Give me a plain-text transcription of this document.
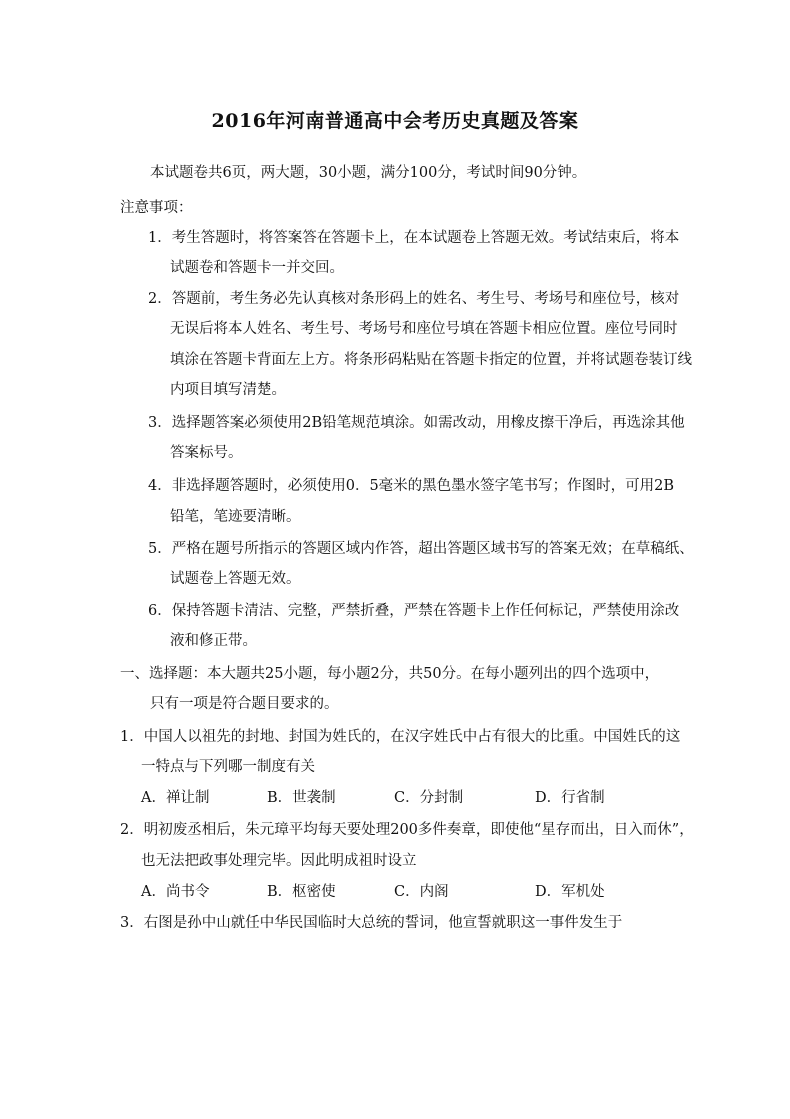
2016年河南普通高中会考历史真题及答案
本试题卷共6页，两大题，30小题，满分100分，考试时间90分钟。
注意事项：
1．考生答题时，将答案答在答题卡上，在本试题卷上答题无效。考试结束后，将本
试题卷和答题卡一并交回。
2．答题前，考生务必先认真核对条形码上的姓名、考生号、考场号和座位号，核对
无误后将本人姓名、考生号、考场号和座位号填在答题卡相应位置。座位号同时
填涂在答题卡背面左上方。将条形码粘贴在答题卡指定的位置，并将试题卷装订线
内项目填写清楚。
3．选择题答案必须使用2B铅笔规范填涂。如需改动，用橡皮擦干净后，再选涂其他
答案标号。
4．非选择题答题时，必须使用0．5毫米的黑色墨水签字笔书写；作图时，可用2B
铅笔，笔迹要清晰。
5．严格在题号所指示的答题区域内作答，超出答题区域书写的答案无效；在草稿纸、
试题卷上答题无效。
6．保持答题卡清洁、完整，严禁折叠，严禁在答题卡上作任何标记，严禁使用涂改
液和修正带。
一、选择题：本大题共25小题，每小题2分，共50分。在每小题列出的四个选项中，
只有一项是符合题目要求的。
1．中国人以祖先的封地、封国为姓氏的，在汉字姓氏中占有很大的比重。中国姓氏的这
一特点与下列哪一制度有关
A．禅让制	B．世袭制	C．分封制	D．行省制
2．明初废丞相后，朱元璋平均每天要处理200多件奏章，即使他“星存而出，日入而休”，
也无法把政事处理完毕。因此明成祖时设立
A．尚书令	B．枢密使	C．内阁	D．军机处
3．右图是孙中山就任中华民国临时大总统的誓词，他宣誓就职这一事件发生于
